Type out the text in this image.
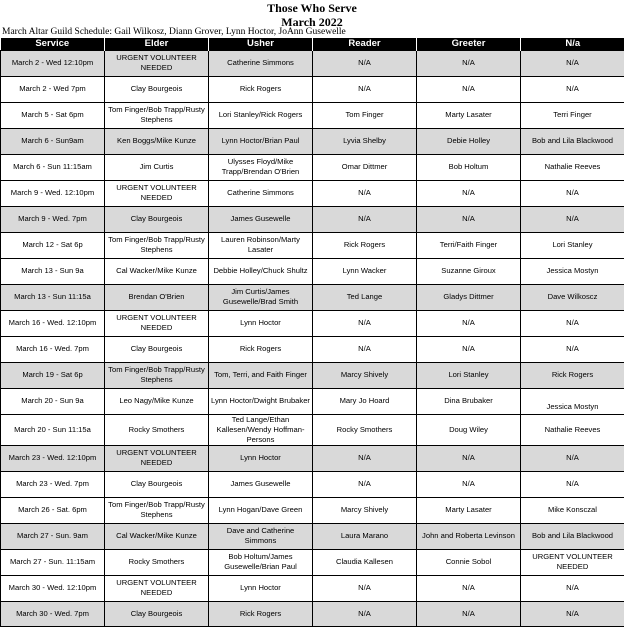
Those Who Serve
March 2022
March Altar Guild Schedule: Gail Wilkosz, Diann Grover, Lynn Hoctor, JoAnn Gusewelle
Service	Elder	Usher	Reader	Greeter	N/a
March 2 - Wed 12:10pm	URGENT VOLUNTEER NEEDED	Catherine Simmons	N/A	N/A	N/A
March 2 - Wed 7pm	Clay Bourgeois	Rick Rogers	N/A	N/A	N/A
March 5 - Sat 6pm	Tom Finger/Bob Trapp/Rusty Stephens	Lori Stanley/Rick Rogers	Tom Finger	Marty Lasater	Terri Finger
March 6 - Sun9am	Ken Boggs/Mike Kunze	Lynn Hoctor/Brian Paul	Lyvia Shelby	Debie Holley	Bob and Lila Blackwood
March 6 - Sun 11:15am	Jim Curtis	Ulysses Floyd/Mike Trapp/Brendan O'Brien	Omar Dittmer	Bob Holtum	Nathalie Reeves
March 9 - Wed. 12:10pm	URGENT VOLUNTEER NEEDED	Catherine Simmons	N/A	N/A	N/A
March 9 - Wed. 7pm	Clay Bourgeois	James Gusewelle	N/A	N/A	N/A
March 12 - Sat 6p	Tom Finger/Bob Trapp/Rusty Stephens	Lauren Robinson/Marty Lasater	Rick Rogers	Terri/Faith Finger	Lori Stanley
March 13 - Sun 9a	Cal Wacker/Mike Kunze	Debbie Holley/Chuck Shultz	Lynn Wacker	Suzanne Giroux	Jessica Mostyn
March 13 - Sun 11:15a	Brendan O'Brien	Jim Curtis/James Gusewelle/Brad Smith	Ted Lange	Gladys Dittmer	Dave Wilkoscz
March 16 - Wed. 12:10pm	URGENT VOLUNTEER NEEDED	Lynn Hoctor	N/A	N/A	N/A
March 16 - Wed. 7pm	Clay Bourgeois	Rick Rogers	N/A	N/A	N/A
March 19 - Sat 6p	Tom Finger/Bob Trapp/Rusty Stephens	Tom, Terri, and Faith Finger	Marcy Shively	Lori Stanley	Rick Rogers
March 20 - Sun 9a	Leo Nagy/Mike Kunze	Lynn Hoctor/Dwight Brubaker	Mary Jo Hoard	Dina Brubaker	Jessica Mostyn
March 20 - Sun 11:15a	Rocky Smothers	Ted Lange/Ethan Kallesen/Wendy Hoffman-Persons	Rocky Smothers	Doug Wiley	Nathalie Reeves
March 23 - Wed. 12:10pm	URGENT VOLUNTEER NEEDED	Lynn Hoctor	N/A	N/A	N/A
March 23 - Wed. 7pm	Clay Bourgeois	James Gusewelle	N/A	N/A	N/A
March 26 - Sat. 6pm	Tom Finger/Bob Trapp/Rusty Stephens	Lynn Hogan/Dave Green	Marcy Shively	Marty Lasater	Mike Konsczal
March 27 - Sun. 9am	Cal Wacker/Mike Kunze	Dave and Catherine Simmons	Laura Marano	John and Roberta Levinson	Bob and Lila Blackwood
March 27 - Sun. 11:15am	Rocky Smothers	Bob Holtum/James Gusewelle/Brian Paul	Claudia Kallesen	Connie Sobol	URGENT VOLUNTEER NEEDED
March 30 - Wed. 12:10pm	URGENT VOLUNTEER NEEDED	Lynn Hoctor	N/A	N/A	N/A
March 30 - Wed. 7pm	Clay Bourgeois	Rick Rogers	N/A	N/A	N/A
